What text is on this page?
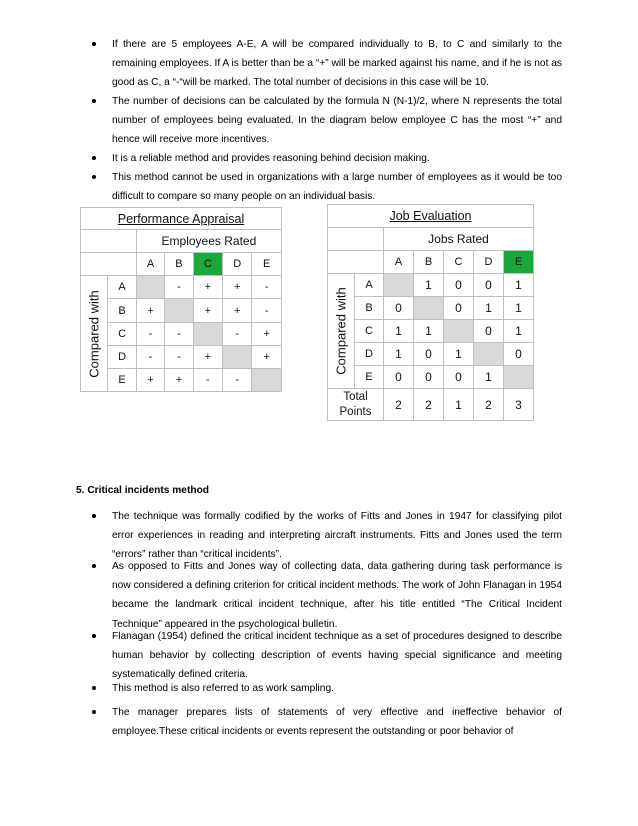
If there are 5 employees A-E, A will be compared individually to B, to C and similarly to the remaining employees. If A is better than be a “+” will be marked against his name, and if he is not as good as C, a “-“will be marked. The total number of decisions in this case will be 10.

The number of decisions can be calculated by the formula N (N-1)/2, where N represents the total number of employees being evaluated. In the diagram below employee C has the most “+” and hence will receive more incentives.

It is a reliable method and provides reasoning behind decision making.

This method cannot be used in organizations with a large number of employees as it would be too difficult to compare so many people on an individual basis.

Performance Appraisal						
		Employees Rated				
		A	B	C	D	E

Compared with	A		-	+	+	-
	B	+		+	+	-
	C	-	-		-	+
	D	-	-	+		+
	E	+	+	-	-	
Job Evaluation						
		Jobs Rated				
		A	B	C	D	E

Compared with	A		1	0	0	1
	B	0		0	1	1
	C	1	1		0	1
	D	1	0	1		0
	E	0	0	0	1	
Total Points		2	2	1	2	3
5. Critical incidents method

The technique was formally codified by the works of Fitts and Jones in 1947 for classifying pilot error experiences in reading and interpreting aircraft instruments. Fitts and Jones used the term “errors” rather than “critical incidents”.

As opposed to Fitts and Jones way of collecting data, data gathering during task performance is now considered a defining criterion for critical incident methods. The work of John Flanagan in 1954 became the landmark critical incident technique, after his title entitled “The Critical Incident Technique” appeared in the psychological bulletin.

Flanagan (1954) defined the critical incident technique as a set of procedures designed to describe human behavior by collecting description of events having special significance and meeting systematically defined criteria.

This method is also referred to as work sampling.

The manager prepares lists of statements of very effective and ineffective behavior of employee.These critical incidents or events represent the outstanding or poor behavior of
